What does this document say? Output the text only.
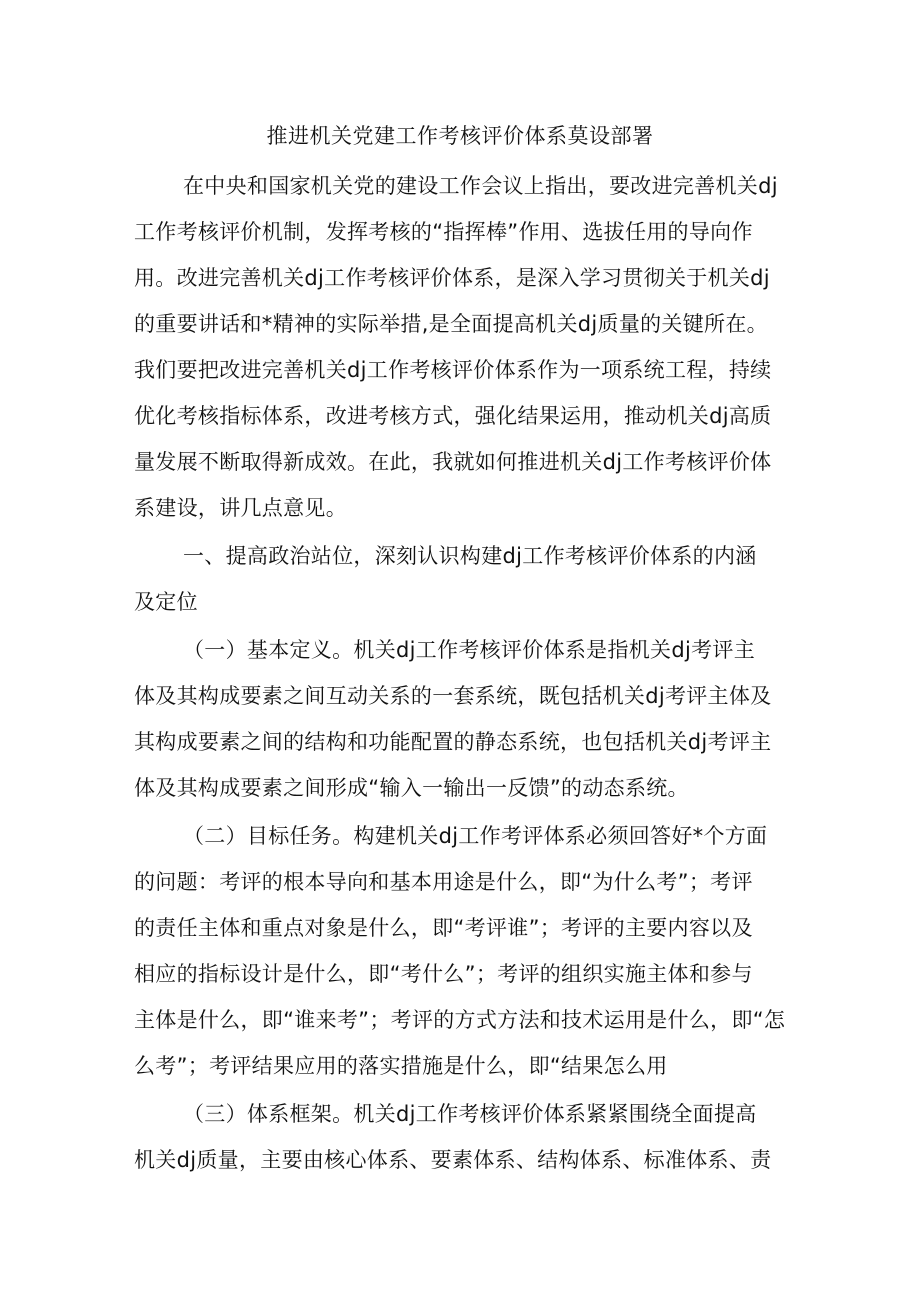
推进机关党建工作考核评价体系莫设部署
在中央和国家机关党的建设工作会议上指出，要改进完善机关dj
工作考核评价机制，发挥考核的“指挥棒”作用、选拔任用的导向作
用。改进完善机关dj工作考核评价体系，是深入学习贯彻关于机关dj
的重要讲话和*精神的实际举措,是全面提高机关dj质量的关键所在。
我们要把改进完善机关dj工作考核评价体系作为一项系统工程，持续
优化考核指标体系，改进考核方式，强化结果运用，推动机关dj高质
量发展不断取得新成效。在此，我就如何推进机关dj工作考核评价体
系建设，讲几点意见。
一、提高政治站位，深刻认识构建dj工作考核评价体系的内涵
及定位
（一）基本定义。机关dj工作考核评价体系是指机关dj考评主
体及其构成要素之间互动关系的一套系统，既包括机关dj考评主体及
其构成要素之间的结构和功能配置的静态系统，也包括机关dj考评主
体及其构成要素之间形成“输入一输出一反馈”的动态系统。
（二）目标任务。构建机关dj工作考评体系必须回答好*个方面
的问题：考评的根本导向和基本用途是什么，即“为什么考”；考评
的责任主体和重点对象是什么，即“考评谁”；考评的主要内容以及
相应的指标设计是什么，即“考什么”；考评的组织实施主体和参与
主体是什么，即“谁来考”；考评的方式方法和技术运用是什么，即“怎
么考”；考评结果应用的落实措施是什么，即“结果怎么用
（三）体系框架。机关dj工作考核评价体系紧紧围绕全面提高
机关dj质量，主要由核心体系、要素体系、结构体系、标准体系、责
